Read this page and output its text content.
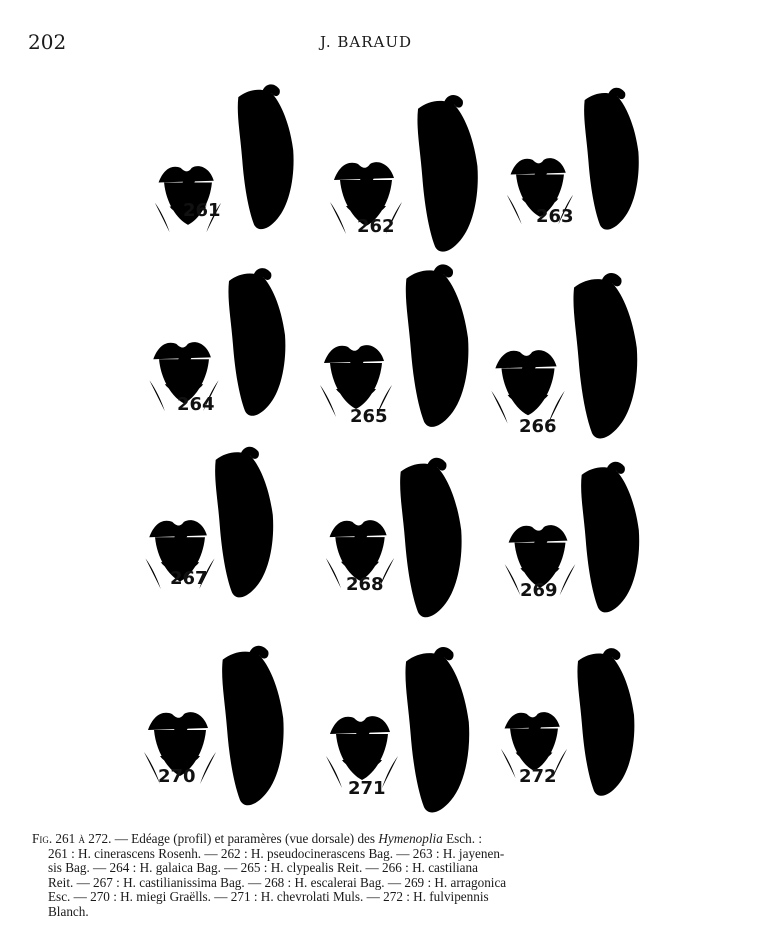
202	J. BARAUD
261
262	263
264
265	266
267	268	269
270
271
272
Fig. 261 à 272. — Edéage (profil) et paramères (vue dorsale) des Hymenoplia Esch. :
261 : H. cinerascens Rosenh. — 262 : H. pseudocinerascens Bag. — 263 : H. jayenen-
sis Bag. — 264 : H. galaica Bag. — 265 : H. clypealis Reit. — 266 : H. castiliana
Reit. — 267 : H. castilianissima Bag. — 268 : H. escalerai Bag. — 269 : H. arragonica
Esc. — 270 : H. miegi Graëlls. — 271 : H. chevrolati Muls. — 272 : H. fulvipennis
Blanch.
